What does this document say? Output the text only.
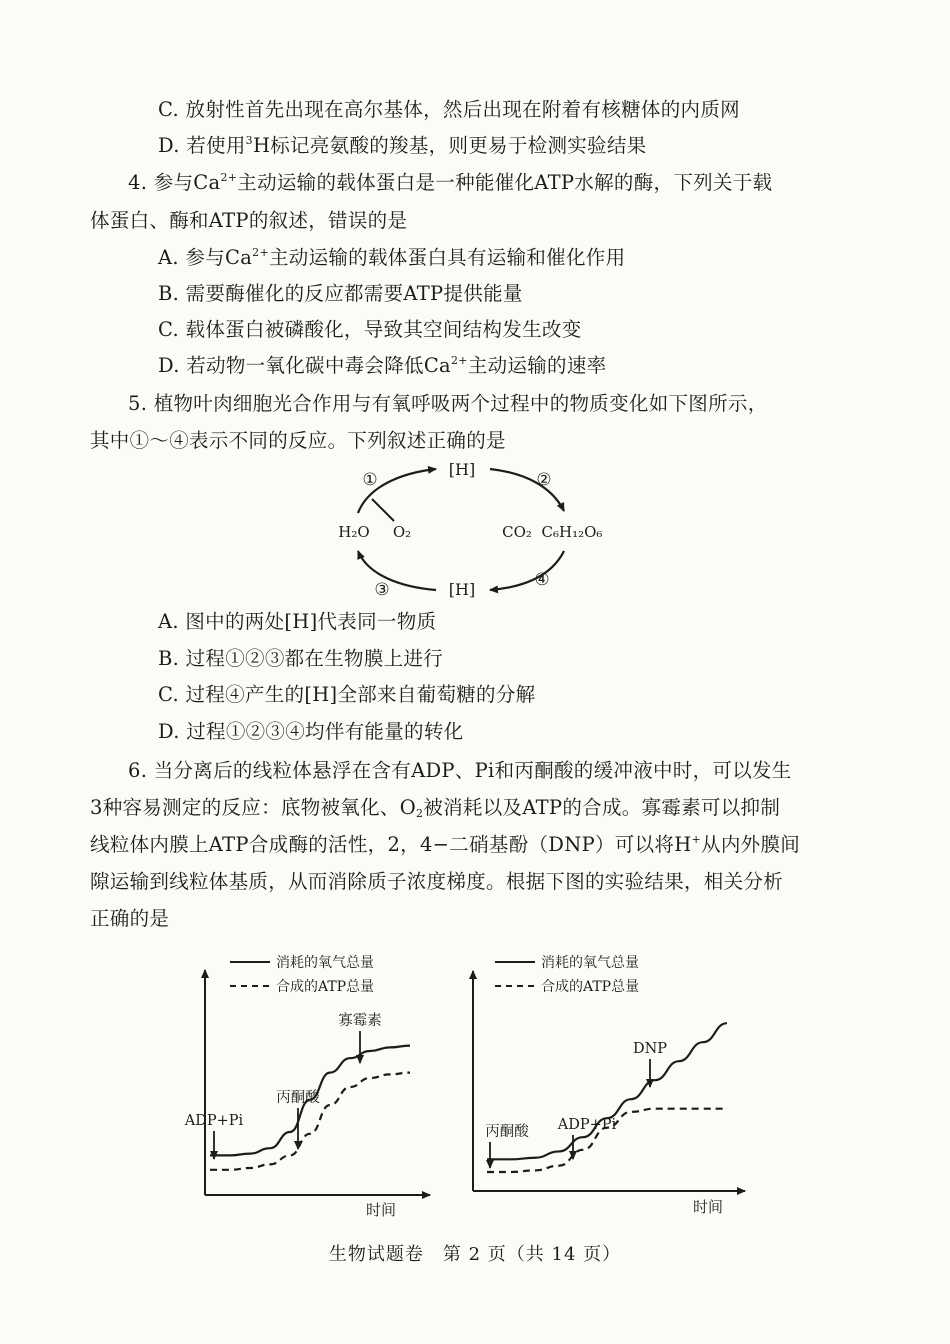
C. 放射性首先出现在高尔基体，然后出现在附着有核糖体的内质网
D. 若使用$^3$H标记亮氨酸的羧基，则更易于检测实验结果
4. 参与$Ca^{2+}$主动运输的载体蛋白是一种能催化ATP水解的酶，下列关于载
体蛋白、酶和ATP的叙述，错误的是
A. 参与$Ca^{2+}$主动运输的载体蛋白具有运输和催化作用
B. 需要酶催化的反应都需要ATP提供能量
C. 载体蛋白被磷酸化，导致其空间结构发生改变
D. 若动物一氧化碳中毒会降低$Ca^{2+}$主动运输的速率
5. 植物叶肉细胞光合作用与有氧呼吸两个过程中的物质变化如下图所示，
其中①～④表示不同的反应。下列叙述正确的是
[H]
[H]
①	②
③	④
H₂O O₂	CO₂ C₆H₁₂O₆
A. 图中的两处[H]代表同一物质
B. 过程①②③都在生物膜上进行
C. 过程④产生的[H]全部来自葡萄糖的分解
D. 过程①②③④均伴有能量的转化
6. 当分离后的线粒体悬浮在含有ADP、Pi和丙酮酸的缓冲液中时，可以发生
3种容易测定的反应：底物被氧化、$O_2$被消耗以及ATP的合成。寡霉素可以抑制
线粒体内膜上ATP合成酶的活性，2，4−二硝基酚（DNP）可以将H+从内外膜间
隙运输到线粒体基质，从而消除质子浓度梯度。根据下图的实验结果，相关分析
正确的是
时间
消耗的氧气总量
合成的ATP总量
ADP+Pi
丙酮酸
寡霉素
时间
消耗的氧气总量
合成的ATP总量
丙酮酸 ADP+Pi
DNP
生物试题卷　第 2 页（共 14 页）
